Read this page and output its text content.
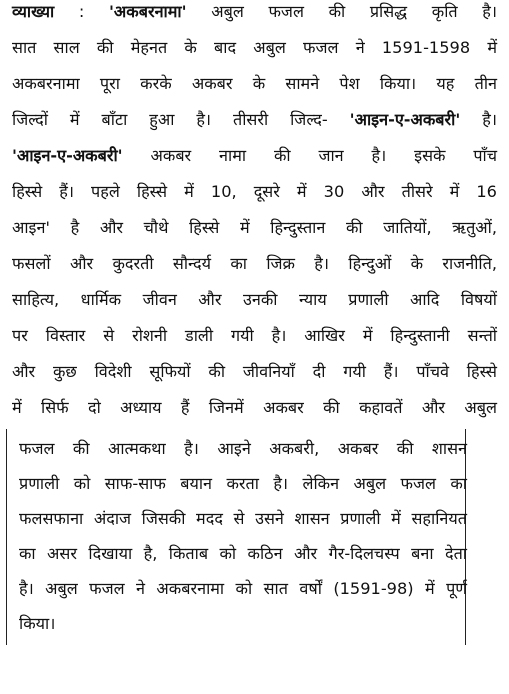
व्याख्या : 'अकबरनामा' अबुल फजल की प्रसिद्ध कृति है।
सात साल की मेहनत के बाद अबुल फजल ने 1591-1598 में
अकबरनामा पूरा करके अकबर के सामने पेश किया। यह तीन
जिल्दों में बाँटा हुआ है। तीसरी जिल्द- 'आइन-ए-अकबरी' है।
'आइन-ए-अकबरी' अकबर नामा की जान है। इसके पाँच
हिस्से हैं। पहले हिस्से में 10, दूसरे में 30 और तीसरे में 16
आइन' है और चौथे हिस्से में हिन्दुस्तान की जातियों, ऋतुओं,
फसलों और कुदरती सौन्दर्य का जिक्र है। हिन्दुओं के राजनीति,
साहित्य, धार्मिक जीवन और उनकी न्याय प्रणाली आदि विषयों
पर विस्तार से रोशनी डाली गयी है। आखिर में हिन्दुस्तानी सन्तों
और कुछ विदेशी सूफियों की जीवनियाँ दी गयी हैं। पाँचवे हिस्से
में सिर्फ दो अध्याय हैं जिनमें अकबर की कहावतें और अबुल
फजल की आत्मकथा है। आइने अकबरी, अकबर की शासन
प्रणाली को साफ-साफ बयान करता है। लेकिन अबुल फजल का
फलसफाना अंदाज जिसकी मदद से उसने शासन प्रणाली में सहानियत
का असर दिखाया है, किताब को कठिन और गैर-दिलचस्प बना देता
है। अबुल फजल ने अकबरनामा को सात वर्षों (1591-98) में पूर्ण
किया।
